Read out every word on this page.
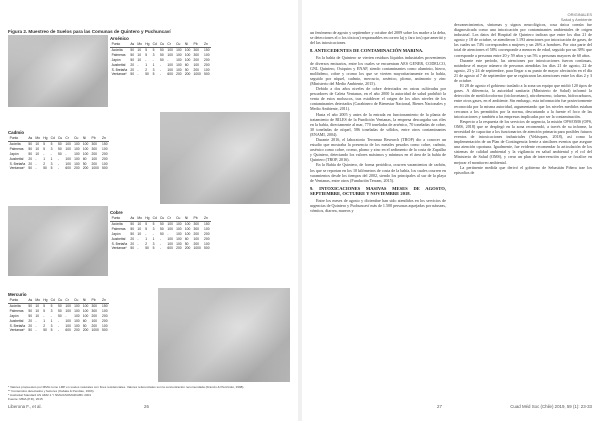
Figura 2. Muestreo de Suelos para las Comunas de Quintero y Puchuncaví
Arsénico
Punto	As	Mo	Hg	Cd	Cu	Cr	Cu	Ni	Pb	Zn
Acónita	50	10	5	5	50	100	100	100	300	150
Palmeras	50	10	5	3	50	100	100	100	300	100
Japón	50	10	-	-	50	-	100	100	200	200
Ausbettal	20	-	1	1	-	100	100	60	100	200
S. Bretaña	20	-	2	3	-	100	100	50	200	100
Ventanas*	50	-	50	5	-	600	200	200	1000	500
Cadmio
Punto	As	Mo	Hg	Cd	Cu	Cr	Cu	Ni	Pb	Zn
Acónita	50	10	5	5	50	100	100	100	300	150
Palmeras	50	10	5	3	50	100	100	100	300	100
Japón	50	10	-	-	50	-	100	100	200	200
Ausbettal	20	-	1	1	-	100	100	60	100	200
S. Bretaña	20	-	2	3	-	100	100	50	200	100
Ventanas*	50	-	50	5	-	600	200	200	1000	500
Cobre
Punto	As	Mo	Hg	Cd	Cu	Cr	Cu	Ni	Pb	Zn
Acónita	50	10	5	5	50	100	100	100	300	150
Palmeras	50	10	5	3	50	100	100	100	300	100
Japón	50	10	-	-	50	-	100	100	200	200
Ausbettal	20	-	1	1	-	100	100	60	100	200
S. Bretaña	20	-	2	3	-	100	100	50	200	100
Ventanas*	50	-	50	5	-	600	200	200	1000	500
Mercurio
Punto	As	Mo	Hg	Cd	Cu	Cr	Cu	Ni	Pb	Zn
Acónita	50	10	5	5	50	100	100	100	300	150
Palmeras	50	10	5	3	50	100	100	100	300	100
Japón	50	10	-	-	50	-	100	100	200	200
Ausbettal	20	-	1	1	-	100	100	60	100	200
S. Bretaña	20	-	2	3	-	100	100	50	200	100
Ventanas*	50	-	50	5	-	600	200	200	1000	500
* Valores propuestos por MMA como LMP en suelos naturales con fines residenciales. Valores referenciales son la concentración recomendada (Francis & Pierzinski, 1998).
** Contenidos detectados y factores (Kabata & Pendias, 1993).
* Ausbettal Standard AS 4482.1 Y NMA/ASOMAD/ABC 2001
Fuente: MMA (P.D), 2015
Liberona F., et al.	26
ORIGINALES
Salud y Ambiente

un fenómeno de agosto y septiembre y octubre del 2009 sobre los madre a la deba, se detecciones el o los tóxicos) responsables en correo laj y faro tox) que ameritó y del las intoxicaciones.

8. ANTECEDENTES DE CONTAMINACIÓN MARINA.

En la bahía de Quintero se vierten residuos líquidos industriales provenientes de diversos emisarios, entre los cuales se encuentran AES GENER, CODELCO, GNL Quintero, Oxiquim y ENAP, siendo contaminantes como aluminio, hierro, molibdeno, cobre y cromo los que se vierten mayoritariamente en la bahía, seguido por níquel, cadmio, mercurio, arsénico, plomo, antimonio y zinc (Ministerio del Medio Ambiente, 2015).

Debido a dos años niveles de cobre detectados en ostras cultivadas por pescadores de Caleta Ventanas, en el año 2000 la autoridad de salud prohibió la venta de estos moluscos, tras establecer el origen de los altos niveles de los contaminantes detectados (Carabinero de Bienestar Nacional, Bienes Nacionales y Medio Ambiente, 2011).

Hasta el año 2005 y antes de la entrada en funcionamiento de la planta de tratamiento de RILES de la Fundición Ventanas, la empresa descargaba sus riles en la bahía, directamente al mar, 770 toneladas de arsénico, 70 toneladas de cobre, 30 toneladas de níquel, 586 toneladas de sólidos, entre otros contaminantes (ENAMI, 2004).

Durante 2016, el laboratorio Terramar Research (TROP) dio a conocer un estudio que mostraba la presencia de los metales pesados como cobre, cadmio, arsénico como cobre, cromo, plomo y zinc en el sedimento de la costa de Zapallar y Quintero, detectando los valores máximos y mínimos en el área de la bahía de Quintero (TROP, 2016).

En la Bahía de Quintero, de forma periódica, ocurren varamientos de carbón, los que se reportan en los 10 kilómetros de costa de la bahía, los cuales ocurren en varamientos desde los tiempos del 2002, siendo los principales al sur de la playa de Ventanas, entre otros (Fundación Terram, 2015).

9. INTOXICACIONES MASIVAS MESES DE AGOSTO, SEPTIEMBRE, OCTUBRE Y NOVIEMBRE 2018.

Entre los meses de agosto y diciembre han sido atendidos en los servicios de urgencias de Quintero y Puchuncaví más de 1.500 personas aquejadas por náuseas, vómitos, diarrea, mareos y

desvanecimientos, síntomas y signos neurológicos, cosa única común fue diagnosticada como una intoxicación por contaminantes ambientales de origen industrial. Los datos del Hospital de Quintero indican que entre los días 21 de agosto y 18 de octubre, se atendieron 1.193 atenciones por intoxicación de gases, de las cuales un 74% corresponden a mujeres y un 26% a hombres. Por otra parte del total de atenciones el 58% corresponde a menores de edad, seguido por un 38% que corresponde a personas entre 20 y 59 años y un 5% a personas mayores de 60 años.

Durante este período, las atenciones por intoxicaciones fueron continuas, notándose el mayor número de personas atendidas los días 21 de agosto, 22 de agosto, 23 y 24 de septiembre, para llegar a su punto de mayor afectación en el día 21 de agosto al 7 de septiembre que se registraron las atenciones entre los días 2 y 3 de octubre.

El 28 de agosto el gobierno traslado a la zona un equipo que midió 120 tipos de gases. A diferencia, la autoridad sanitaria (Ministerio de Salud) informó la detección de metilcloroformo (tricloroetano), nitrobenceno, tolueno, hidrocarburos, entre otros gases, en el ambiente. Sin embargo, esta información fue posteriormente reconocida por la misma autoridad, argumentando que los niveles medidos estaban cercanos a los permitidos por la norma, descartando a la fuente el foco de las intoxicaciones y también a las empresas implicadas por ser la contaminación.

Respecto a la respuesta de los servicios de urgencia, la misión OPS/OMS (OPS, OMS, 2018) que se desplegó en la zona recomendó, a través de su informe, la necesidad de capacitar a los funcionarios de atención primaria para posibles futuros eventos de intoxicaciones industriales (Velásquez, 2018), así como la implementación de un Plan de Contingencia frente a similares eventos que asegure una atención oportuna. Igualmente, fue evidente recomendar la articulación de los sistemas de calidad ambiental y la vigilancia en salud ambiental y el rol del Ministerio de Salud (OMS), y crear un plan de intervención que se focalice en mejorar el monitoreo ambiental.

La pertinente medida que derivó el gobierno de Sebastián Piñera trae los episodios de

27	Cuad Méd Soc (Chile) 2019, 59 (1): 23-33
